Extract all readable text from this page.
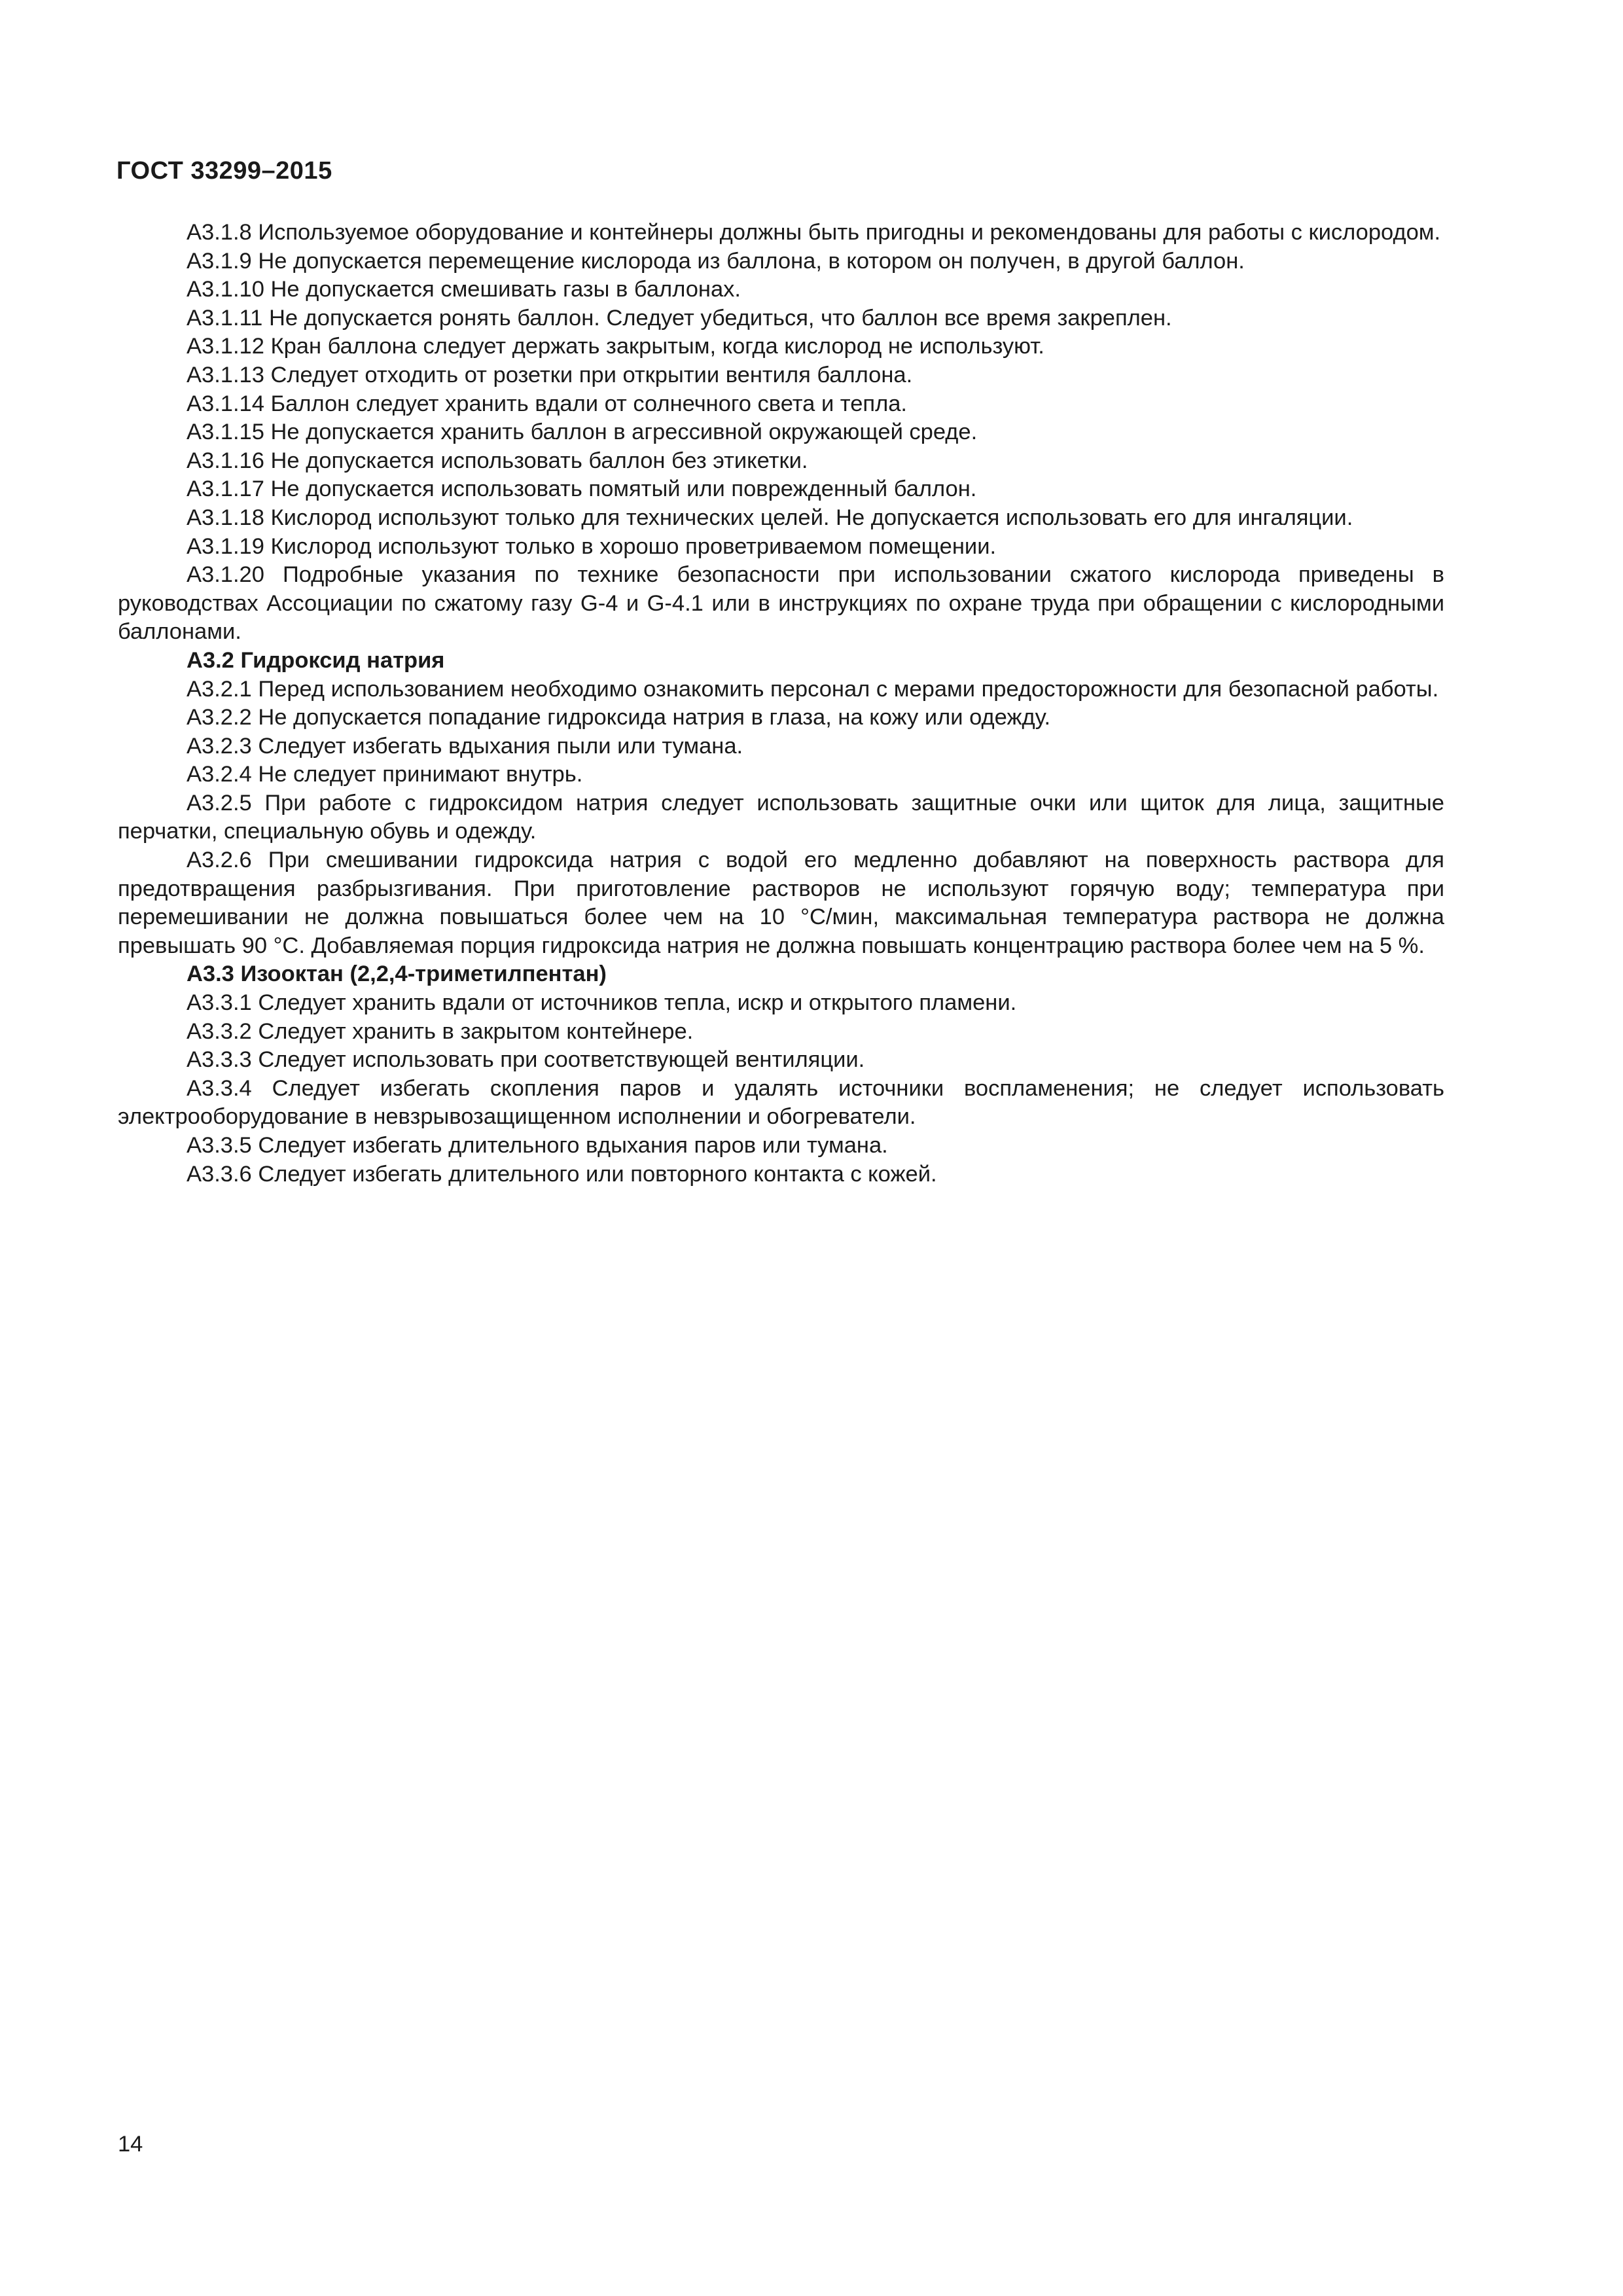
ГОСТ 33299–2015

А3.1.8 Используемое оборудование и контейнеры должны быть пригодны и рекомендованы для работы с кислородом.

А3.1.9 Не допускается перемещение кислорода из баллона, в котором он получен, в другой баллон.

А3.1.10 Не допускается смешивать газы в баллонах.

А3.1.11 Не допускается ронять баллон. Следует убедиться, что баллон все время закреплен.

А3.1.12 Кран баллона следует держать закрытым, когда кислород не используют.

А3.1.13 Следует отходить от розетки при открытии вентиля баллона.

А3.1.14 Баллон следует хранить вдали от солнечного света и тепла.

А3.1.15 Не допускается хранить баллон в агрессивной окружающей среде.

А3.1.16 Не допускается использовать баллон без этикетки.

А3.1.17 Не допускается использовать помятый или поврежденный баллон.

А3.1.18 Кислород используют только для технических целей. Не допускается использовать его для ингаляции.

А3.1.19 Кислород используют только в хорошо проветриваемом помещении.

А3.1.20 Подробные указания по технике безопасности при использовании сжатого кислорода приведены в руководствах Ассоциации по сжатому газу G-4 и G-4.1 или в инструкциях по охране труда при обращении с кислородными баллонами.

А3.2 Гидроксид натрия

А3.2.1 Перед использованием необходимо ознакомить персонал с мерами предосторожности для безопасной работы.

А3.2.2 Не допускается попадание гидроксида натрия в глаза, на кожу или одежду.

А3.2.3 Следует избегать вдыхания пыли или тумана.

А3.2.4 Не следует принимают внутрь.

А3.2.5 При работе с гидроксидом натрия следует использовать защитные очки или щиток для лица, защитные перчатки, специальную обувь и одежду.

А3.2.6 При смешивании гидроксида натрия с водой его медленно добавляют на поверхность раствора для предотвращения разбрызгивания. При приготовление растворов не используют горячую воду; температура при перемешивании не должна повышаться более чем на 10 °С/мин, максимальная температура раствора не должна превышать 90 °С. Добавляемая порция гидроксида натрия не должна повышать концентрацию раствора более чем на 5 %.

А3.3 Изооктан (2,2,4-триметилпентан)

А3.3.1 Следует хранить вдали от источников тепла, искр и открытого пламени.

А3.3.2 Следует хранить в закрытом контейнере.

А3.3.3 Следует использовать при соответствующей вентиляции.

А3.3.4 Следует избегать скопления паров и удалять источники воспламенения; не следует использовать электрооборудование в невзрывозащищенном исполнении и обогреватели.

А3.3.5 Следует избегать длительного вдыхания паров или тумана.

А3.3.6 Следует избегать длительного или повторного контакта с кожей.

14
